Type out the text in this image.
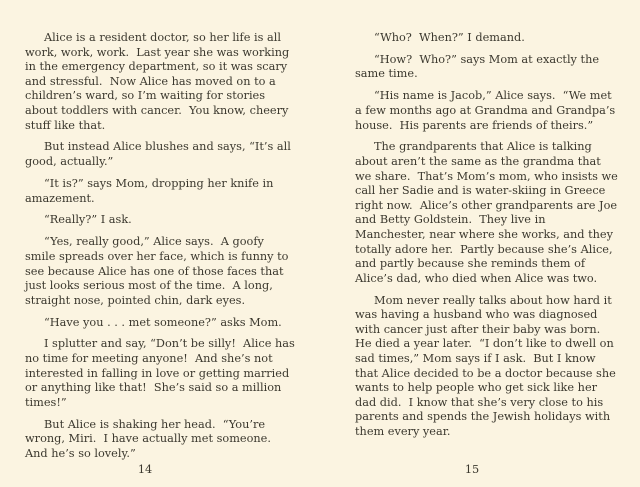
Alice is a resident doctor, so her life is all work, work, work.  Last year she was working in the emergency department, so it was scary and stressful.  Now Alice has moved on to a children’s ward, so I’m waiting for stories about toddlers with cancer.  You know, cheery stuff like that.

But instead Alice blushes and says, “It’s all good, actually.”

“It is?” says Mom, dropping her knife in amazement.

“Really?” I ask.

“Yes, really good,” Alice says.  A goofy smile spreads over her face, which is funny to see because Alice has one of those faces that just looks serious most of the time.  A long, straight nose, pointed chin, dark eyes.

“Have you . . . met someone?” asks Mom.

I splutter and say, “Don’t be silly!  Alice has no time for meeting anyone!  And she’s not interested in falling in love or getting married or anything like that!  She’s said so a million times!”

But Alice is shaking her head.  “You’re wrong, Miri.  I have actually met someone.  And he’s so lovely.”

14

“Who?  When?” I demand.

“How?  Who?” says Mom at exactly the same time.

“His name is Jacob,” Alice says.  “We met a few months ago at Grandma and Grandpa’s house.  His parents are friends of theirs.”

The grandparents that Alice is talking about aren’t the same as the grandma that we share.  That’s Mom’s mom, who insists we call her Sadie and is water-skiing in Greece right now.  Alice’s other grandparents are Joe and Betty Goldstein.  They live in Manchester, near where she works, and they totally adore her.  Partly because she’s Alice, and partly because she reminds them of Alice’s dad, who died when Alice was two.

Mom never really talks about how hard it was having a husband who was diagnosed with cancer just after their baby was born.  He died a year later.  “I don’t like to dwell on sad times,” Mom says if I ask.  But I know that Alice decided to be a doctor because she wants to help people who get sick like her dad did.  I know that she’s very close to his parents and spends the Jewish holidays with them every year.

15
